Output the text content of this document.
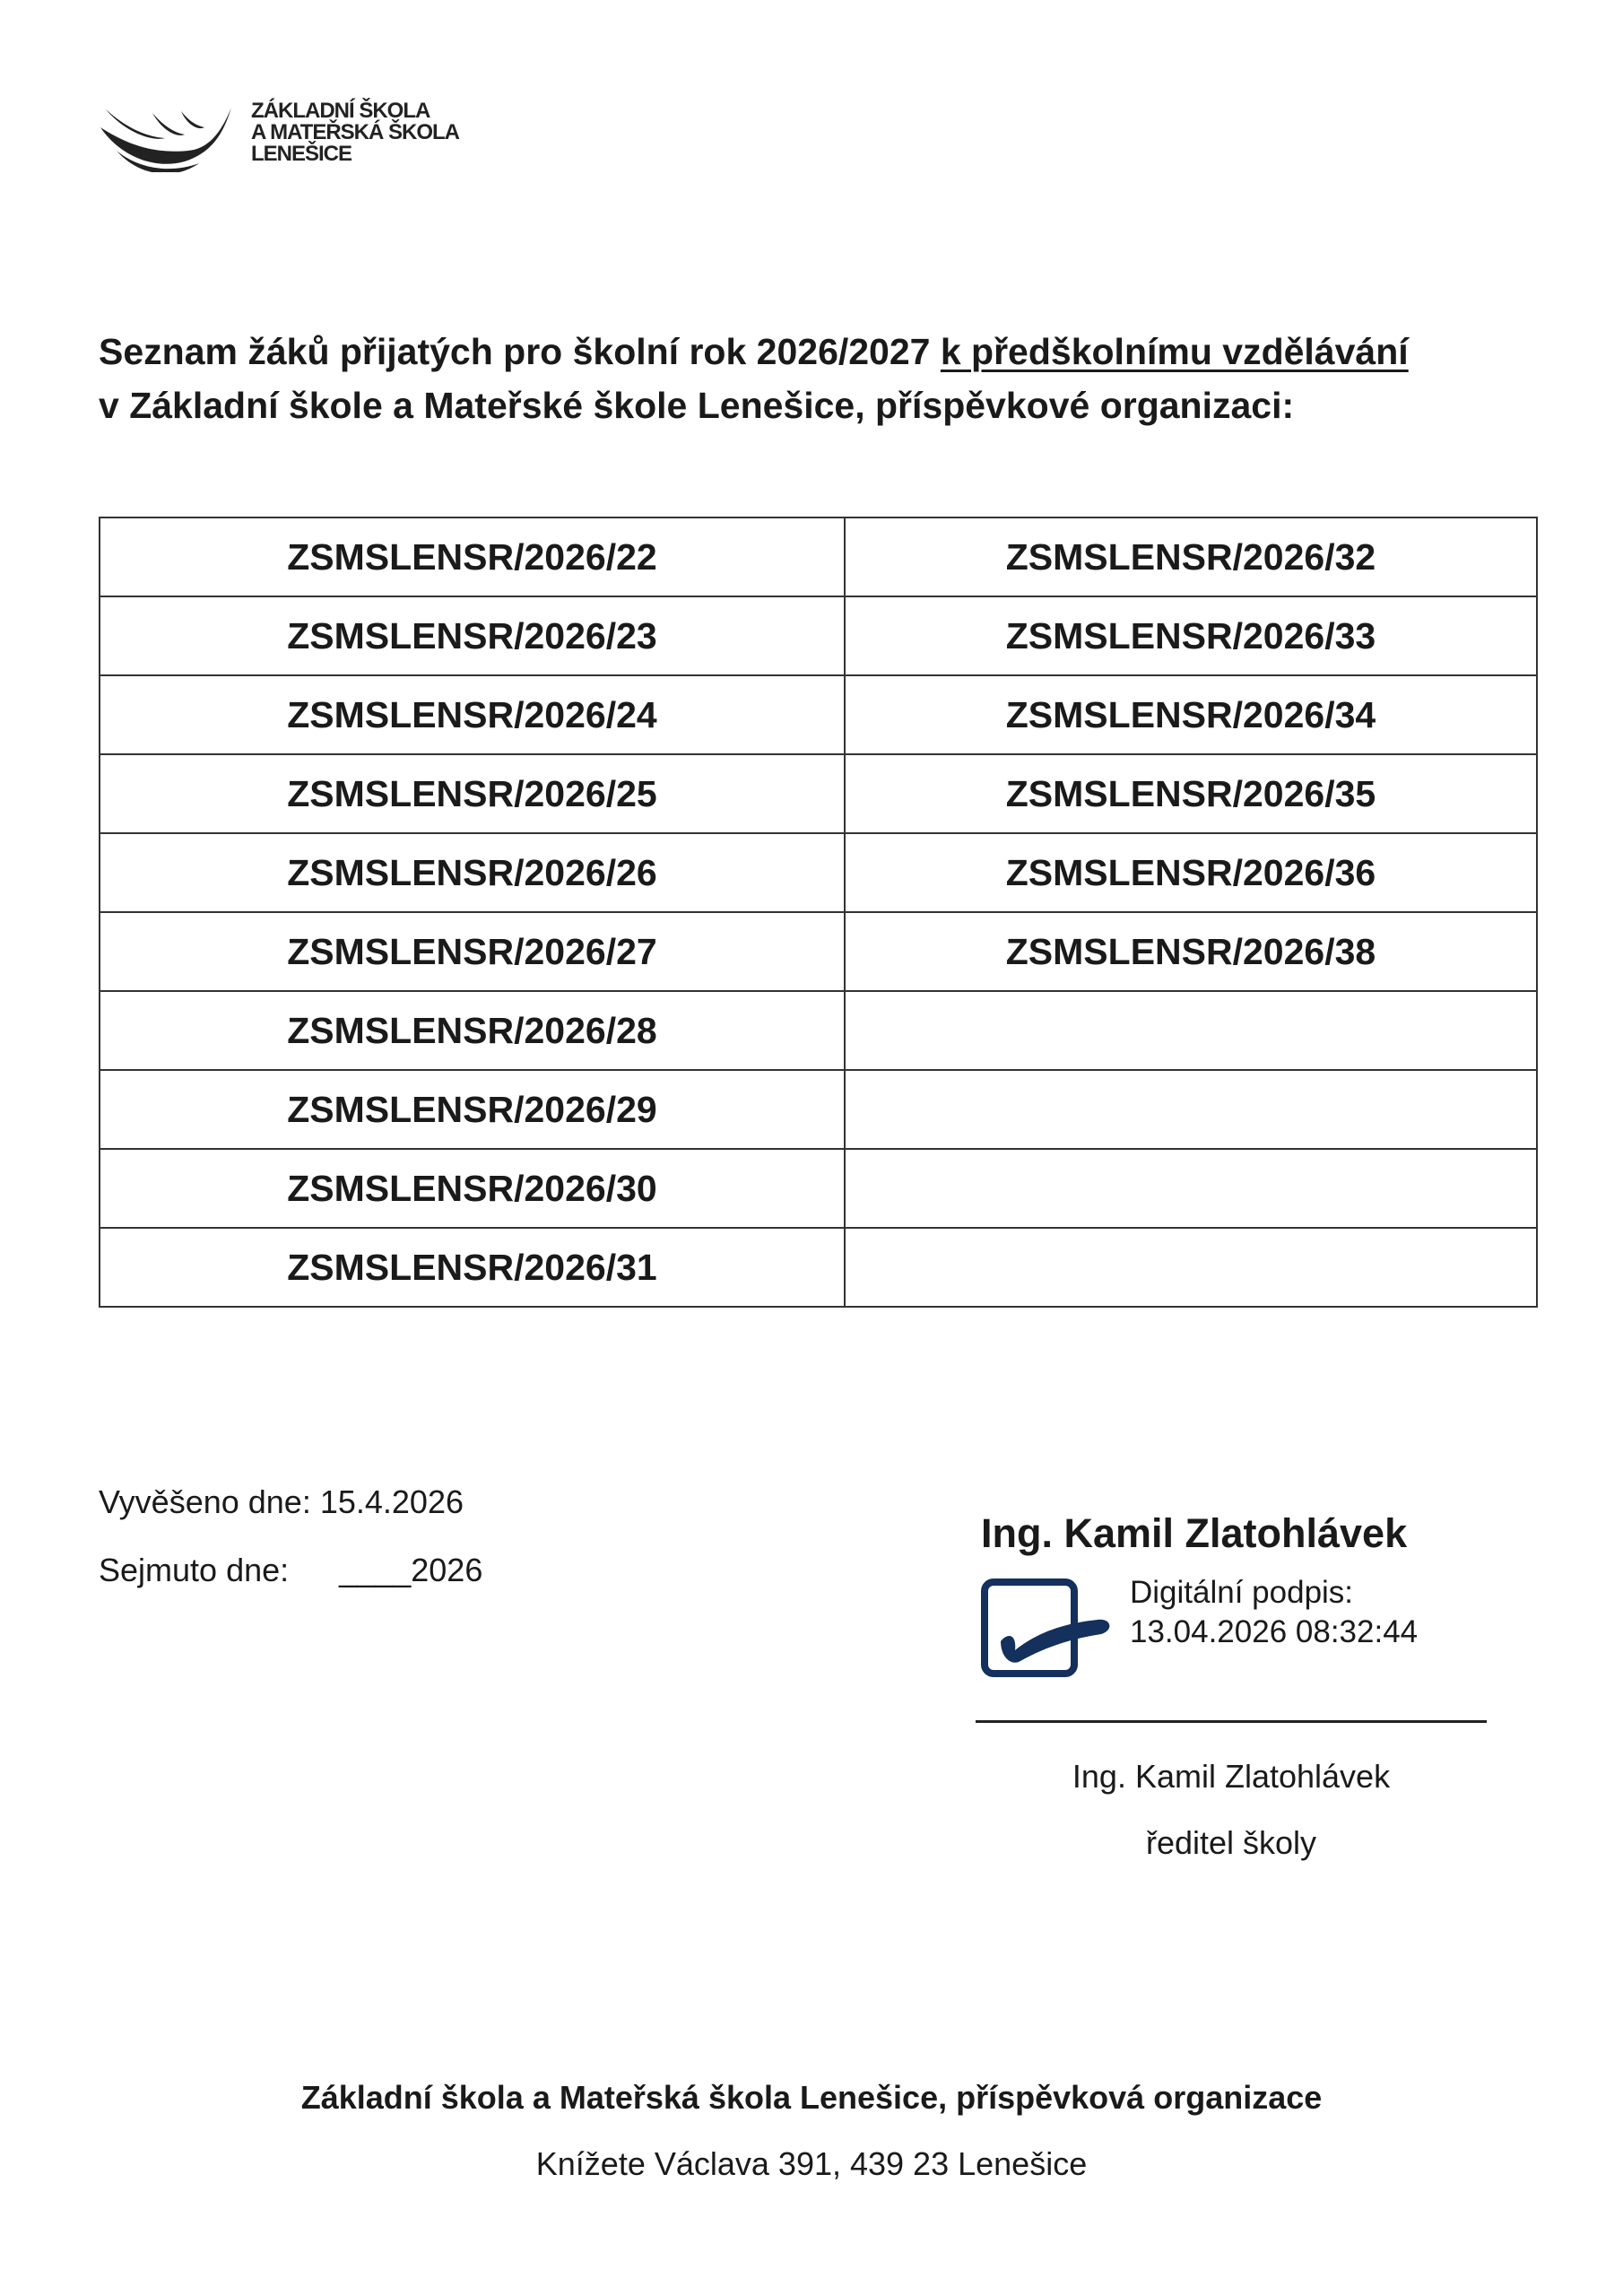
ZÁKLADNÍ ŠKOLA
A MATEŘSKÁ ŠKOLA
LENEŠICE
Seznam žáků přijatých pro školní rok 2026/2027 k předškolnímu vzdělávání
v Základní škole a Mateřské škole Lenešice, příspěvkové organizaci:
ZSMSLENSR/2026/22	ZSMSLENSR/2026/32
ZSMSLENSR/2026/23	ZSMSLENSR/2026/33
ZSMSLENSR/2026/24	ZSMSLENSR/2026/34
ZSMSLENSR/2026/25	ZSMSLENSR/2026/35
ZSMSLENSR/2026/26	ZSMSLENSR/2026/36
ZSMSLENSR/2026/27	ZSMSLENSR/2026/38
ZSMSLENSR/2026/28	
ZSMSLENSR/2026/29	
ZSMSLENSR/2026/30	
ZSMSLENSR/2026/31	
Vyvěšeno dne: 15.4.2026
Sejmuto dne: ____2026
Ing. Kamil Zlatohlávek
Digitální podpis:
13.04.2026 08:32:44
Ing. Kamil Zlatohlávek
ředitel školy
Základní škola a Mateřská škola Lenešice, příspěvková organizace
Knížete Václava 391, 439 23 Lenešice
